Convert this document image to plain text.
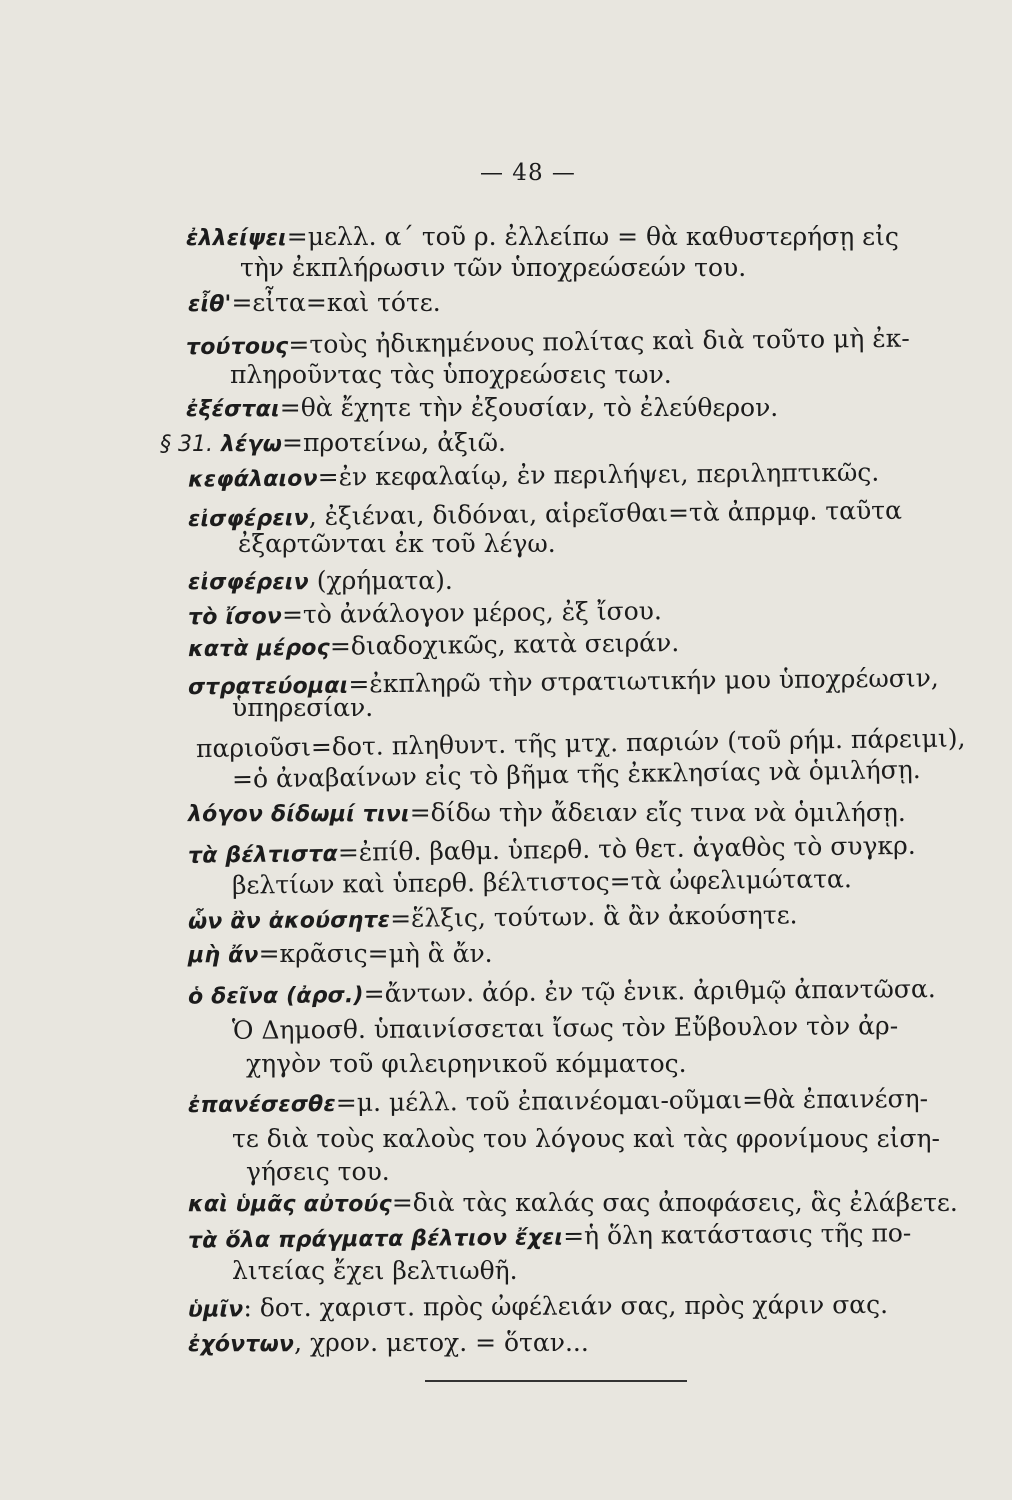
— 48 —
ἐλλείψει=μελλ. α΄ τοῦ ρ. ἐλλείπω = θὰ καθυστερήσῃ εἰς
τὴν ἐκπλήρωσιν τῶν ὑποχρεώσεών του.
εἶθ'=εἶτα=καὶ τότε.
τούτους=τοὺς ἠδικημένους πολίτας καὶ διὰ τοῦτο μὴ ἐκ-
πληροῦντας τὰς ὑποχρεώσεις των.
ἐξέσται=θὰ ἔχητε τὴν ἐξουσίαν, τὸ ἐλεύθερον.
§ 31. λέγω=προτείνω, ἀξιῶ.
κεφάλαιον=ἐν κεφαλαίῳ, ἐν περιλήψει, περιληπτικῶς.
εἰσφέρειν, ἐξιέναι, διδόναι, αἱρεῖσθαι=τὰ ἀπρμφ. ταῦτα
ἐξαρτῶνται ἐκ τοῦ λέγω.
εἰσφέρειν (χρήματα).
τὸ ἴσον=τὸ ἀνάλογον μέρος, ἐξ ἴσου.
κατὰ μέρος=διαδοχικῶς, κατὰ σειράν.
στρατεύομαι=ἐκπληρῶ τὴν στρατιωτικήν μου ὑποχρέωσιν,
ὑπηρεσίαν.
παριοῦσι=δοτ. πληθυντ. τῆς μτχ. παριών (τοῦ ρήμ. πάρειμι),
=ὁ ἀναβαίνων εἰς τὸ βῆμα τῆς ἐκκλησίας νὰ ὁμιλήσῃ.
λόγον δίδωμί τινι=δίδω τὴν ἄδειαν εἴς τινα νὰ ὁμιλήσῃ.
τὰ βέλτιστα=ἐπίθ. βαθμ. ὑπερθ. τὸ θετ. ἀγαθὸς τὸ συγκρ.
βελτίων καὶ ὑπερθ. βέλτιστος=τὰ ὠφελιμώτατα.
ὧν ἂν ἀκούσητε=ἕλξις, τούτων. ἃ ἂν ἀκούσητε.
μὴ ἄν=κρᾶσις=μὴ ἃ ἄν.
ὁ δεῖνα (ἀρσ.)=ἄντων. ἀόρ. ἐν τῷ ἑνικ. ἀριθμῷ ἀπαντῶσα.
Ὁ Δημοσθ. ὑπαινίσσεται ἴσως τὸν Εὔβουλον τὸν ἀρ-
χηγὸν τοῦ φιλειρηνικοῦ κόμματος.
ἐπανέσεσθε=μ. μέλλ. τοῦ ἐπαινέομαι-οῦμαι=θὰ ἐπαινέση-
τε διὰ τοὺς καλοὺς του λόγους καὶ τὰς φρονίμους εἰση-
γήσεις του.
καὶ ὑμᾶς αὐτούς=διὰ τὰς καλάς σας ἀποφάσεις, ἃς ἐλάβετε.
τὰ ὅλα πράγματα βέλτιον ἔχει=ἡ ὅλη κατάστασις τῆς πο-
λιτείας ἔχει βελτιωθῆ.
ὑμῖν: δοτ. χαριστ. πρὸς ὠφέλειάν σας, πρὸς χάριν σας.
ἐχόντων, χρον. μετοχ. = ὅταν...
